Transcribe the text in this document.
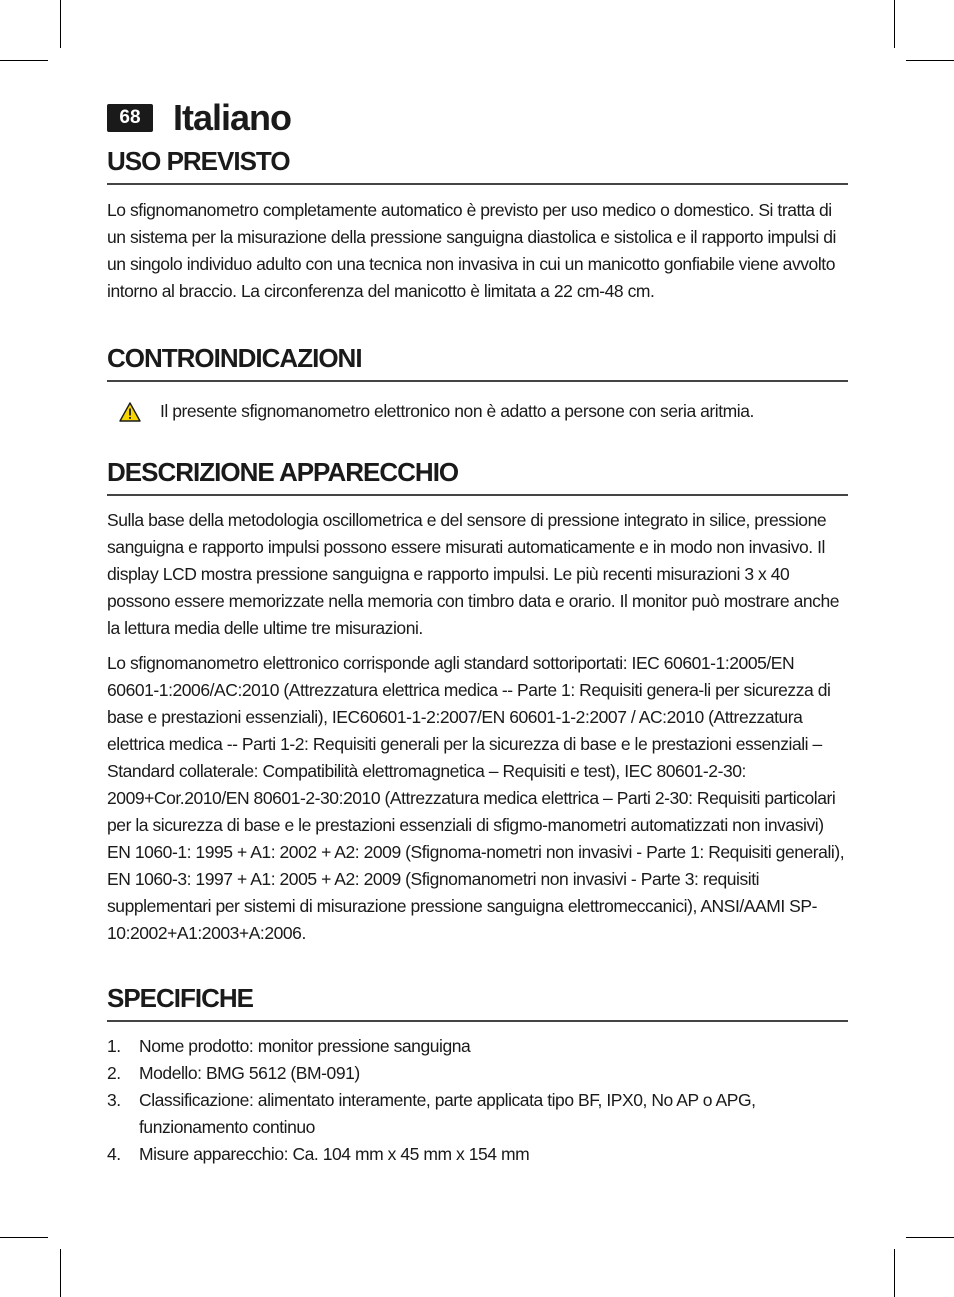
68 Italiano
USO PREVISTO

Lo sfignomanometro completamente automatico è previsto per uso medico o domestico. Si tratta di un sistema per la misurazione della pressione sanguigna diastolica e sistolica e il rapporto impulsi di un singolo individuo adulto con una tecnica non invasiva in cui un manicotto gonfiabile viene avvolto intorno al braccio. La circonferenza del manicotto è limitata a 22 cm-48 cm.

CONTROINDICAZIONI

Il presente sfignomanometro elettronico non è adatto a persone con seria aritmia.

DESCRIZIONE APPARECCHIO

Sulla base della metodologia oscillometrica e del sensore di pressione integrato in silice, pressione sanguigna e rapporto impulsi possono essere misurati automaticamente e in modo non invasivo. Il display LCD mostra pressione sanguigna e rapporto impulsi. Le più recenti misurazioni 3 x 40 possono essere memorizzate nella memoria con timbro data e orario. Il monitor può mostrare anche la lettura media delle ultime tre misurazioni.

Lo sfignomanometro elettronico corrisponde agli standard sottoriportati: IEC 60601-1:2005/EN 60601-1:2006/AC:2010 (Attrezzatura elettrica medica -- Parte 1: Requisiti genera-li per sicurezza di base e prestazioni essenziali), IEC60601-1-2:2007/EN 60601-1-2:2007 / AC:2010 (Attrezzatura elettrica medica -- Parti 1-2: Requisiti generali per la sicurezza di base e le prestazioni essenziali – Standard collaterale: Compatibilità elettromagnetica – Requisiti e test), IEC 80601-2-30: 2009+Cor.2010/EN 80601-2-30:2010 (Attrezzatura medica elettrica – Parti 2-30: Requisiti particolari per la sicurezza di base e le prestazioni essenziali di sfigmo-manometri automatizzati non invasivi) EN 1060-1: 1995 + A1: 2002 + A2: 2009 (Sfignoma-nometri non invasivi - Parte 1: Requisiti generali), EN 1060-3: 1997 + A1: 2005 + A2: 2009 (Sfignomanometri non invasivi - Parte 3: requisiti supplementari per sistemi di misurazione pressione sanguigna elettromeccanici), ANSI/AAMI SP-10:2002+A1:2003+A:2006.

SPECIFICHE
1.	Nome prodotto: monitor pressione sanguigna
2.	Modello: BMG 5612 (BM-091)
3.	Classificazione: alimentato interamente, parte applicata tipo BF, IPX0, No AP o APG, funzionamento continuo
4.	Misure apparecchio: Ca. 104 mm x 45 mm x 154 mm
